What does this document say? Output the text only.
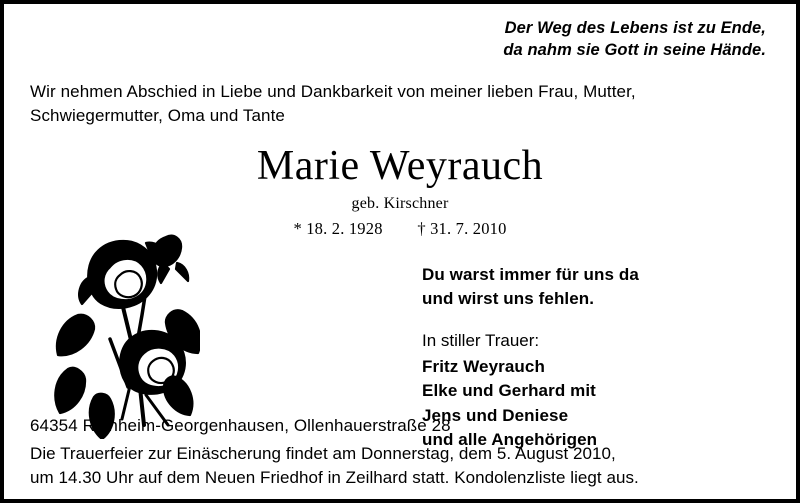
Der Weg des Lebens ist zu Ende,
da nahm sie Gott in seine Hände.
Wir nehmen Abschied in Liebe und Dankbarkeit von meiner lieben Frau, Mutter,
Schwiegermutter, Oma und Tante
Marie Weyrauch
geb. Kirschner
* 18. 2. 1928 † 31. 7. 2010
Du warst immer für uns da
und wirst uns fehlen.
In stiller Trauer:
Fritz Weyrauch
Elke und Gerhard mit
Jens und Deniese
und alle Angehörigen
64354 Reinheim-Georgenhausen, Ollenhauerstraße 28
Die Trauerfeier zur Einäscherung findet am Donnerstag, dem 5. August 2010,
um 14.30 Uhr auf dem Neuen Friedhof in Zeilhard statt. Kondolenzliste liegt aus.
